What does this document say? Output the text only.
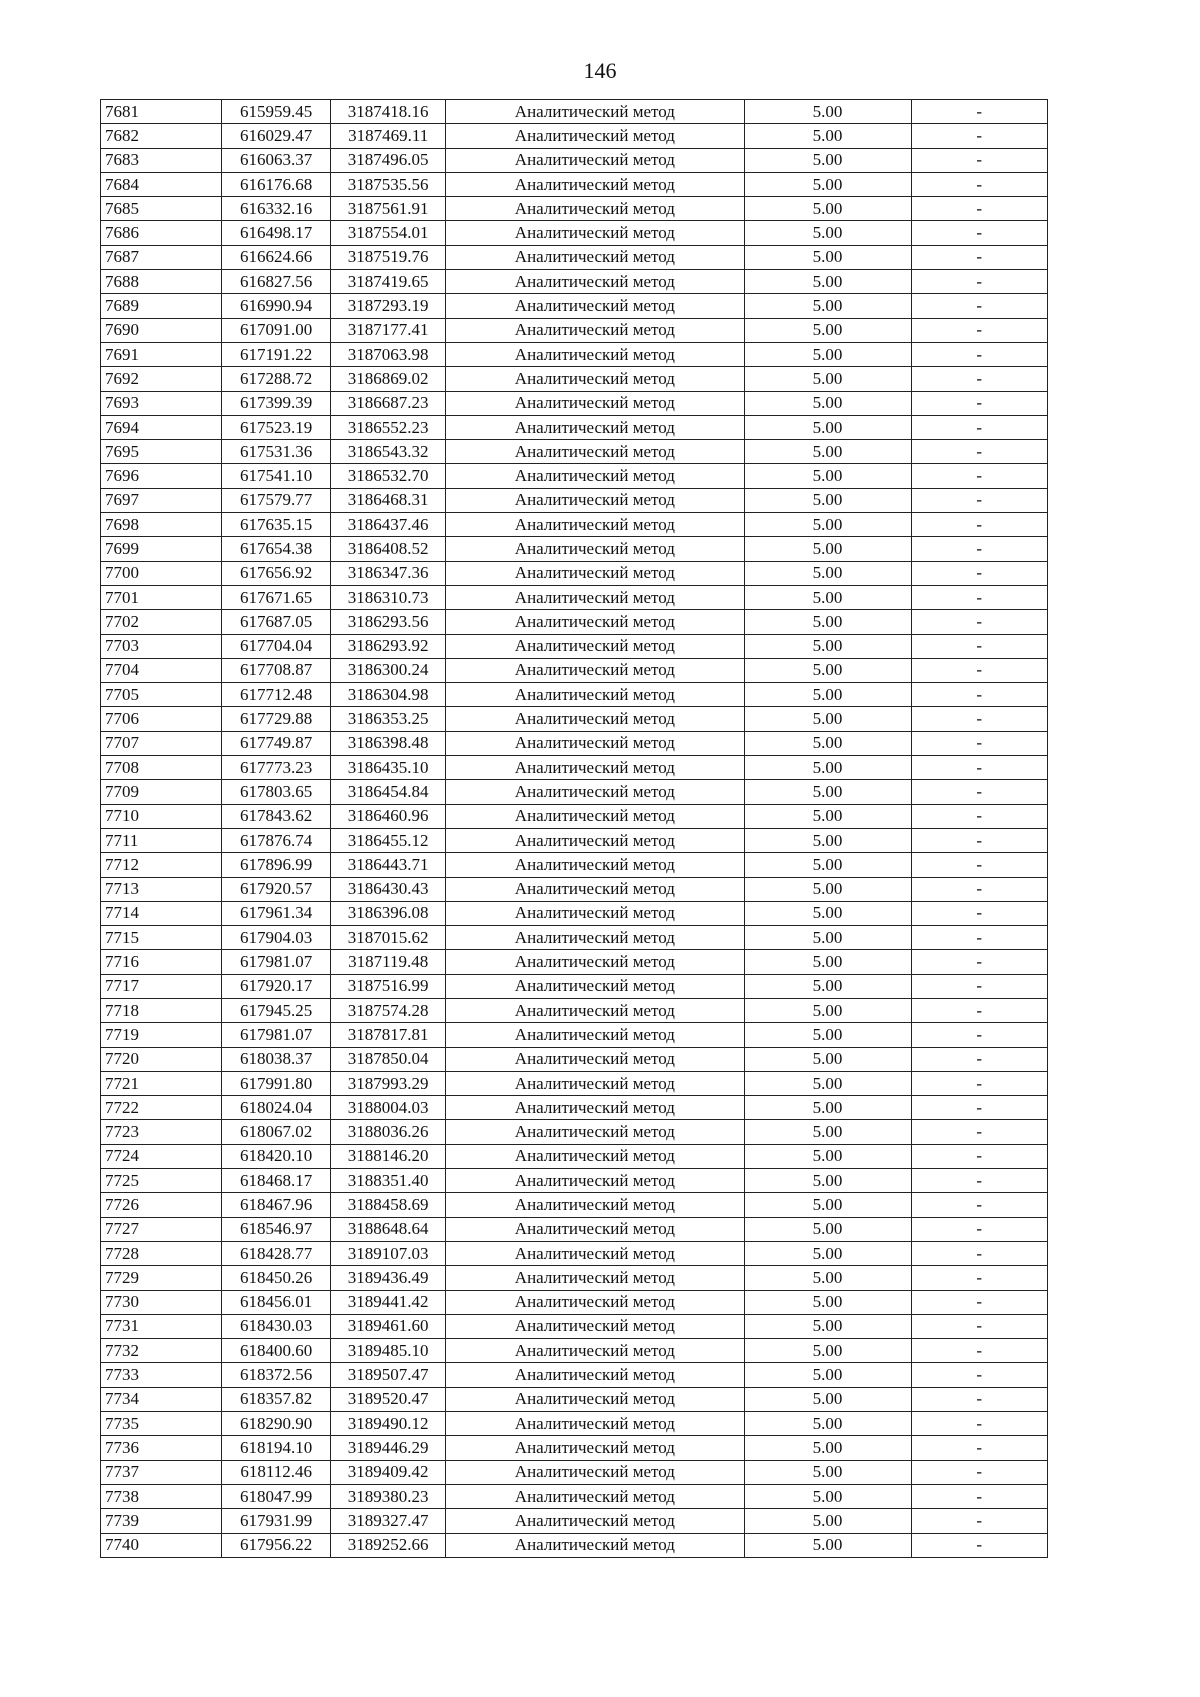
146
7681	615959.45	3187418.16	Аналитический метод	5.00	-
7682	616029.47	3187469.11	Аналитический метод	5.00	-
7683	616063.37	3187496.05	Аналитический метод	5.00	-
7684	616176.68	3187535.56	Аналитический метод	5.00	-
7685	616332.16	3187561.91	Аналитический метод	5.00	-
7686	616498.17	3187554.01	Аналитический метод	5.00	-
7687	616624.66	3187519.76	Аналитический метод	5.00	-
7688	616827.56	3187419.65	Аналитический метод	5.00	-
7689	616990.94	3187293.19	Аналитический метод	5.00	-
7690	617091.00	3187177.41	Аналитический метод	5.00	-
7691	617191.22	3187063.98	Аналитический метод	5.00	-
7692	617288.72	3186869.02	Аналитический метод	5.00	-
7693	617399.39	3186687.23	Аналитический метод	5.00	-
7694	617523.19	3186552.23	Аналитический метод	5.00	-
7695	617531.36	3186543.32	Аналитический метод	5.00	-
7696	617541.10	3186532.70	Аналитический метод	5.00	-
7697	617579.77	3186468.31	Аналитический метод	5.00	-
7698	617635.15	3186437.46	Аналитический метод	5.00	-
7699	617654.38	3186408.52	Аналитический метод	5.00	-
7700	617656.92	3186347.36	Аналитический метод	5.00	-
7701	617671.65	3186310.73	Аналитический метод	5.00	-
7702	617687.05	3186293.56	Аналитический метод	5.00	-
7703	617704.04	3186293.92	Аналитический метод	5.00	-
7704	617708.87	3186300.24	Аналитический метод	5.00	-
7705	617712.48	3186304.98	Аналитический метод	5.00	-
7706	617729.88	3186353.25	Аналитический метод	5.00	-
7707	617749.87	3186398.48	Аналитический метод	5.00	-
7708	617773.23	3186435.10	Аналитический метод	5.00	-
7709	617803.65	3186454.84	Аналитический метод	5.00	-
7710	617843.62	3186460.96	Аналитический метод	5.00	-
7711	617876.74	3186455.12	Аналитический метод	5.00	-
7712	617896.99	3186443.71	Аналитический метод	5.00	-
7713	617920.57	3186430.43	Аналитический метод	5.00	-
7714	617961.34	3186396.08	Аналитический метод	5.00	-
7715	617904.03	3187015.62	Аналитический метод	5.00	-
7716	617981.07	3187119.48	Аналитический метод	5.00	-
7717	617920.17	3187516.99	Аналитический метод	5.00	-
7718	617945.25	3187574.28	Аналитический метод	5.00	-
7719	617981.07	3187817.81	Аналитический метод	5.00	-
7720	618038.37	3187850.04	Аналитический метод	5.00	-
7721	617991.80	3187993.29	Аналитический метод	5.00	-
7722	618024.04	3188004.03	Аналитический метод	5.00	-
7723	618067.02	3188036.26	Аналитический метод	5.00	-
7724	618420.10	3188146.20	Аналитический метод	5.00	-
7725	618468.17	3188351.40	Аналитический метод	5.00	-
7726	618467.96	3188458.69	Аналитический метод	5.00	-
7727	618546.97	3188648.64	Аналитический метод	5.00	-
7728	618428.77	3189107.03	Аналитический метод	5.00	-
7729	618450.26	3189436.49	Аналитический метод	5.00	-
7730	618456.01	3189441.42	Аналитический метод	5.00	-
7731	618430.03	3189461.60	Аналитический метод	5.00	-
7732	618400.60	3189485.10	Аналитический метод	5.00	-
7733	618372.56	3189507.47	Аналитический метод	5.00	-
7734	618357.82	3189520.47	Аналитический метод	5.00	-
7735	618290.90	3189490.12	Аналитический метод	5.00	-
7736	618194.10	3189446.29	Аналитический метод	5.00	-
7737	618112.46	3189409.42	Аналитический метод	5.00	-
7738	618047.99	3189380.23	Аналитический метод	5.00	-
7739	617931.99	3189327.47	Аналитический метод	5.00	-
7740	617956.22	3189252.66	Аналитический метод	5.00	-
